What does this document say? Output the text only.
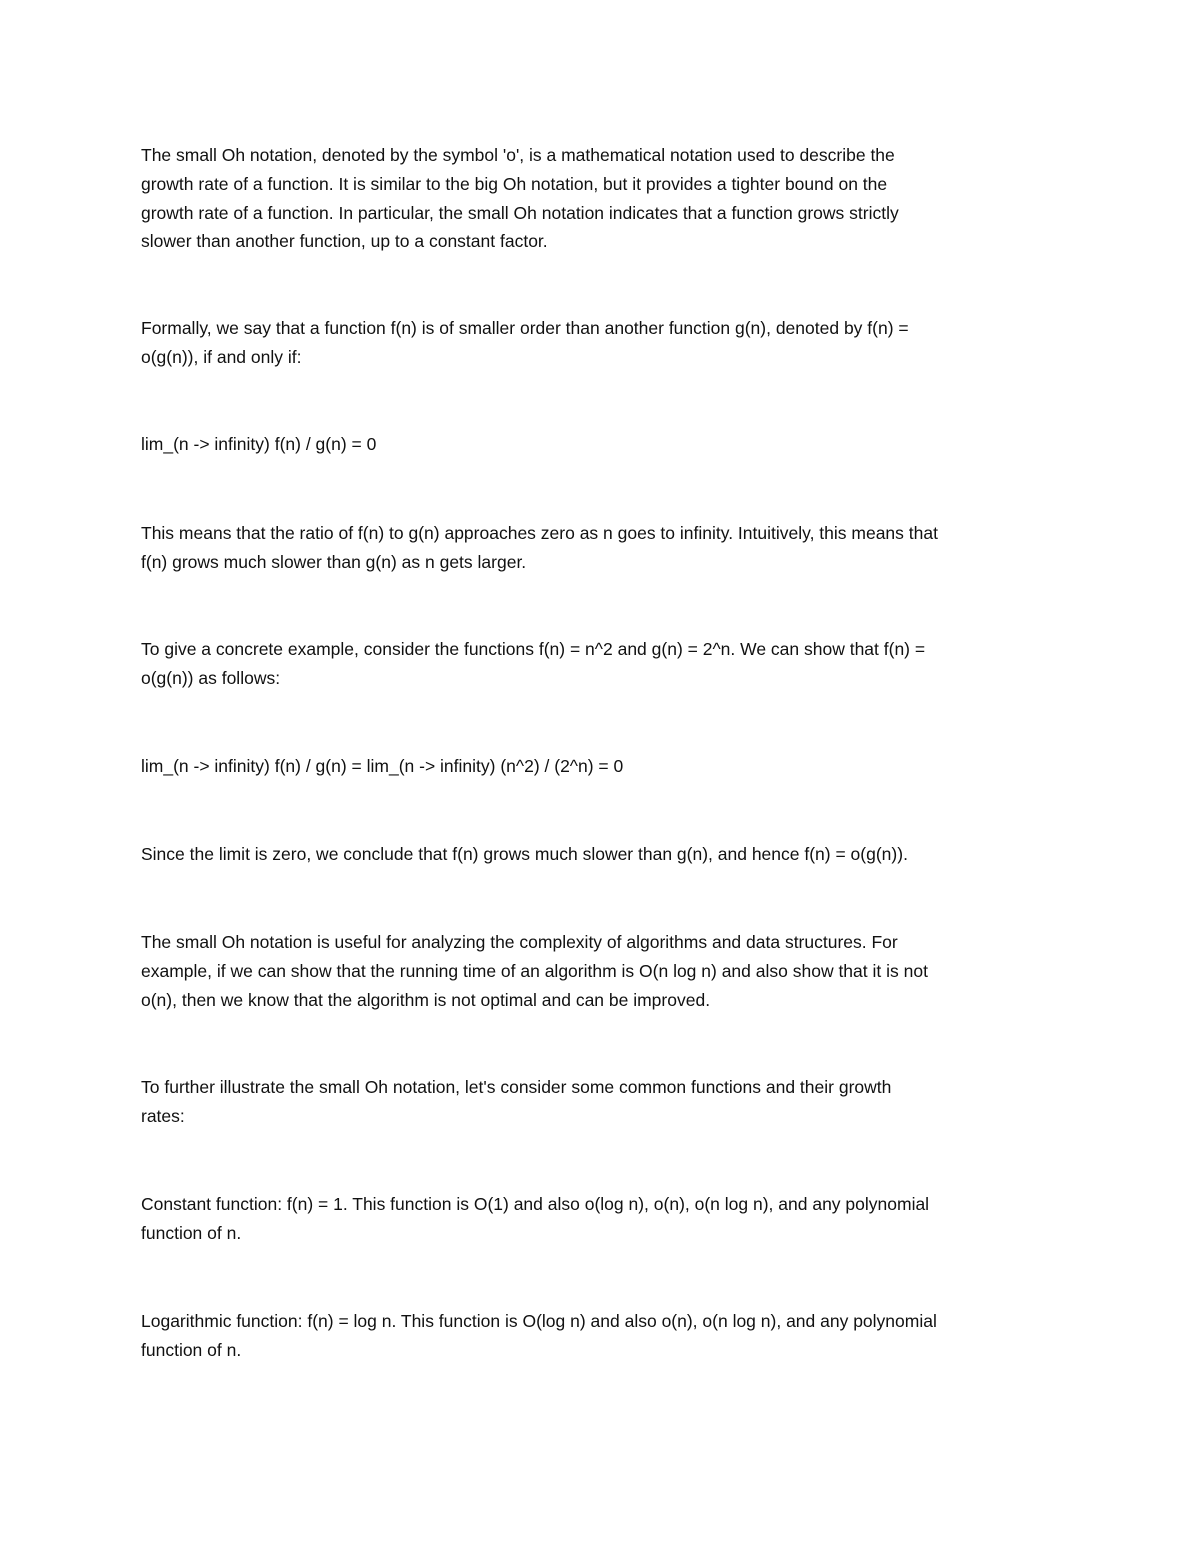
The small Oh notation, denoted by the symbol 'o', is a mathematical notation used to describe the
growth rate of a function. It is similar to the big Oh notation, but it provides a tighter bound on the
growth rate of a function. In particular, the small Oh notation indicates that a function grows strictly
slower than another function, up to a constant factor.

Formally, we say that a function f(n) is of smaller order than another function g(n), denoted by f(n) =
o(g(n)), if and only if:

lim_(n -> infinity) f(n) / g(n) = 0

This means that the ratio of f(n) to g(n) approaches zero as n goes to infinity. Intuitively, this means that
f(n) grows much slower than g(n) as n gets larger.

To give a concrete example, consider the functions f(n) = n^2 and g(n) = 2^n. We can show that f(n) =
o(g(n)) as follows:

lim_(n -> infinity) f(n) / g(n) = lim_(n -> infinity) (n^2) / (2^n) = 0

Since the limit is zero, we conclude that f(n) grows much slower than g(n), and hence f(n) = o(g(n)).

The small Oh notation is useful for analyzing the complexity of algorithms and data structures. For
example, if we can show that the running time of an algorithm is O(n log n) and also show that it is not
o(n), then we know that the algorithm is not optimal and can be improved.

To further illustrate the small Oh notation, let's consider some common functions and their growth
rates:

Constant function: f(n) = 1. This function is O(1) and also o(log n), o(n), o(n log n), and any polynomial
function of n.

Logarithmic function: f(n) = log n. This function is O(log n) and also o(n), o(n log n), and any polynomial
function of n.
